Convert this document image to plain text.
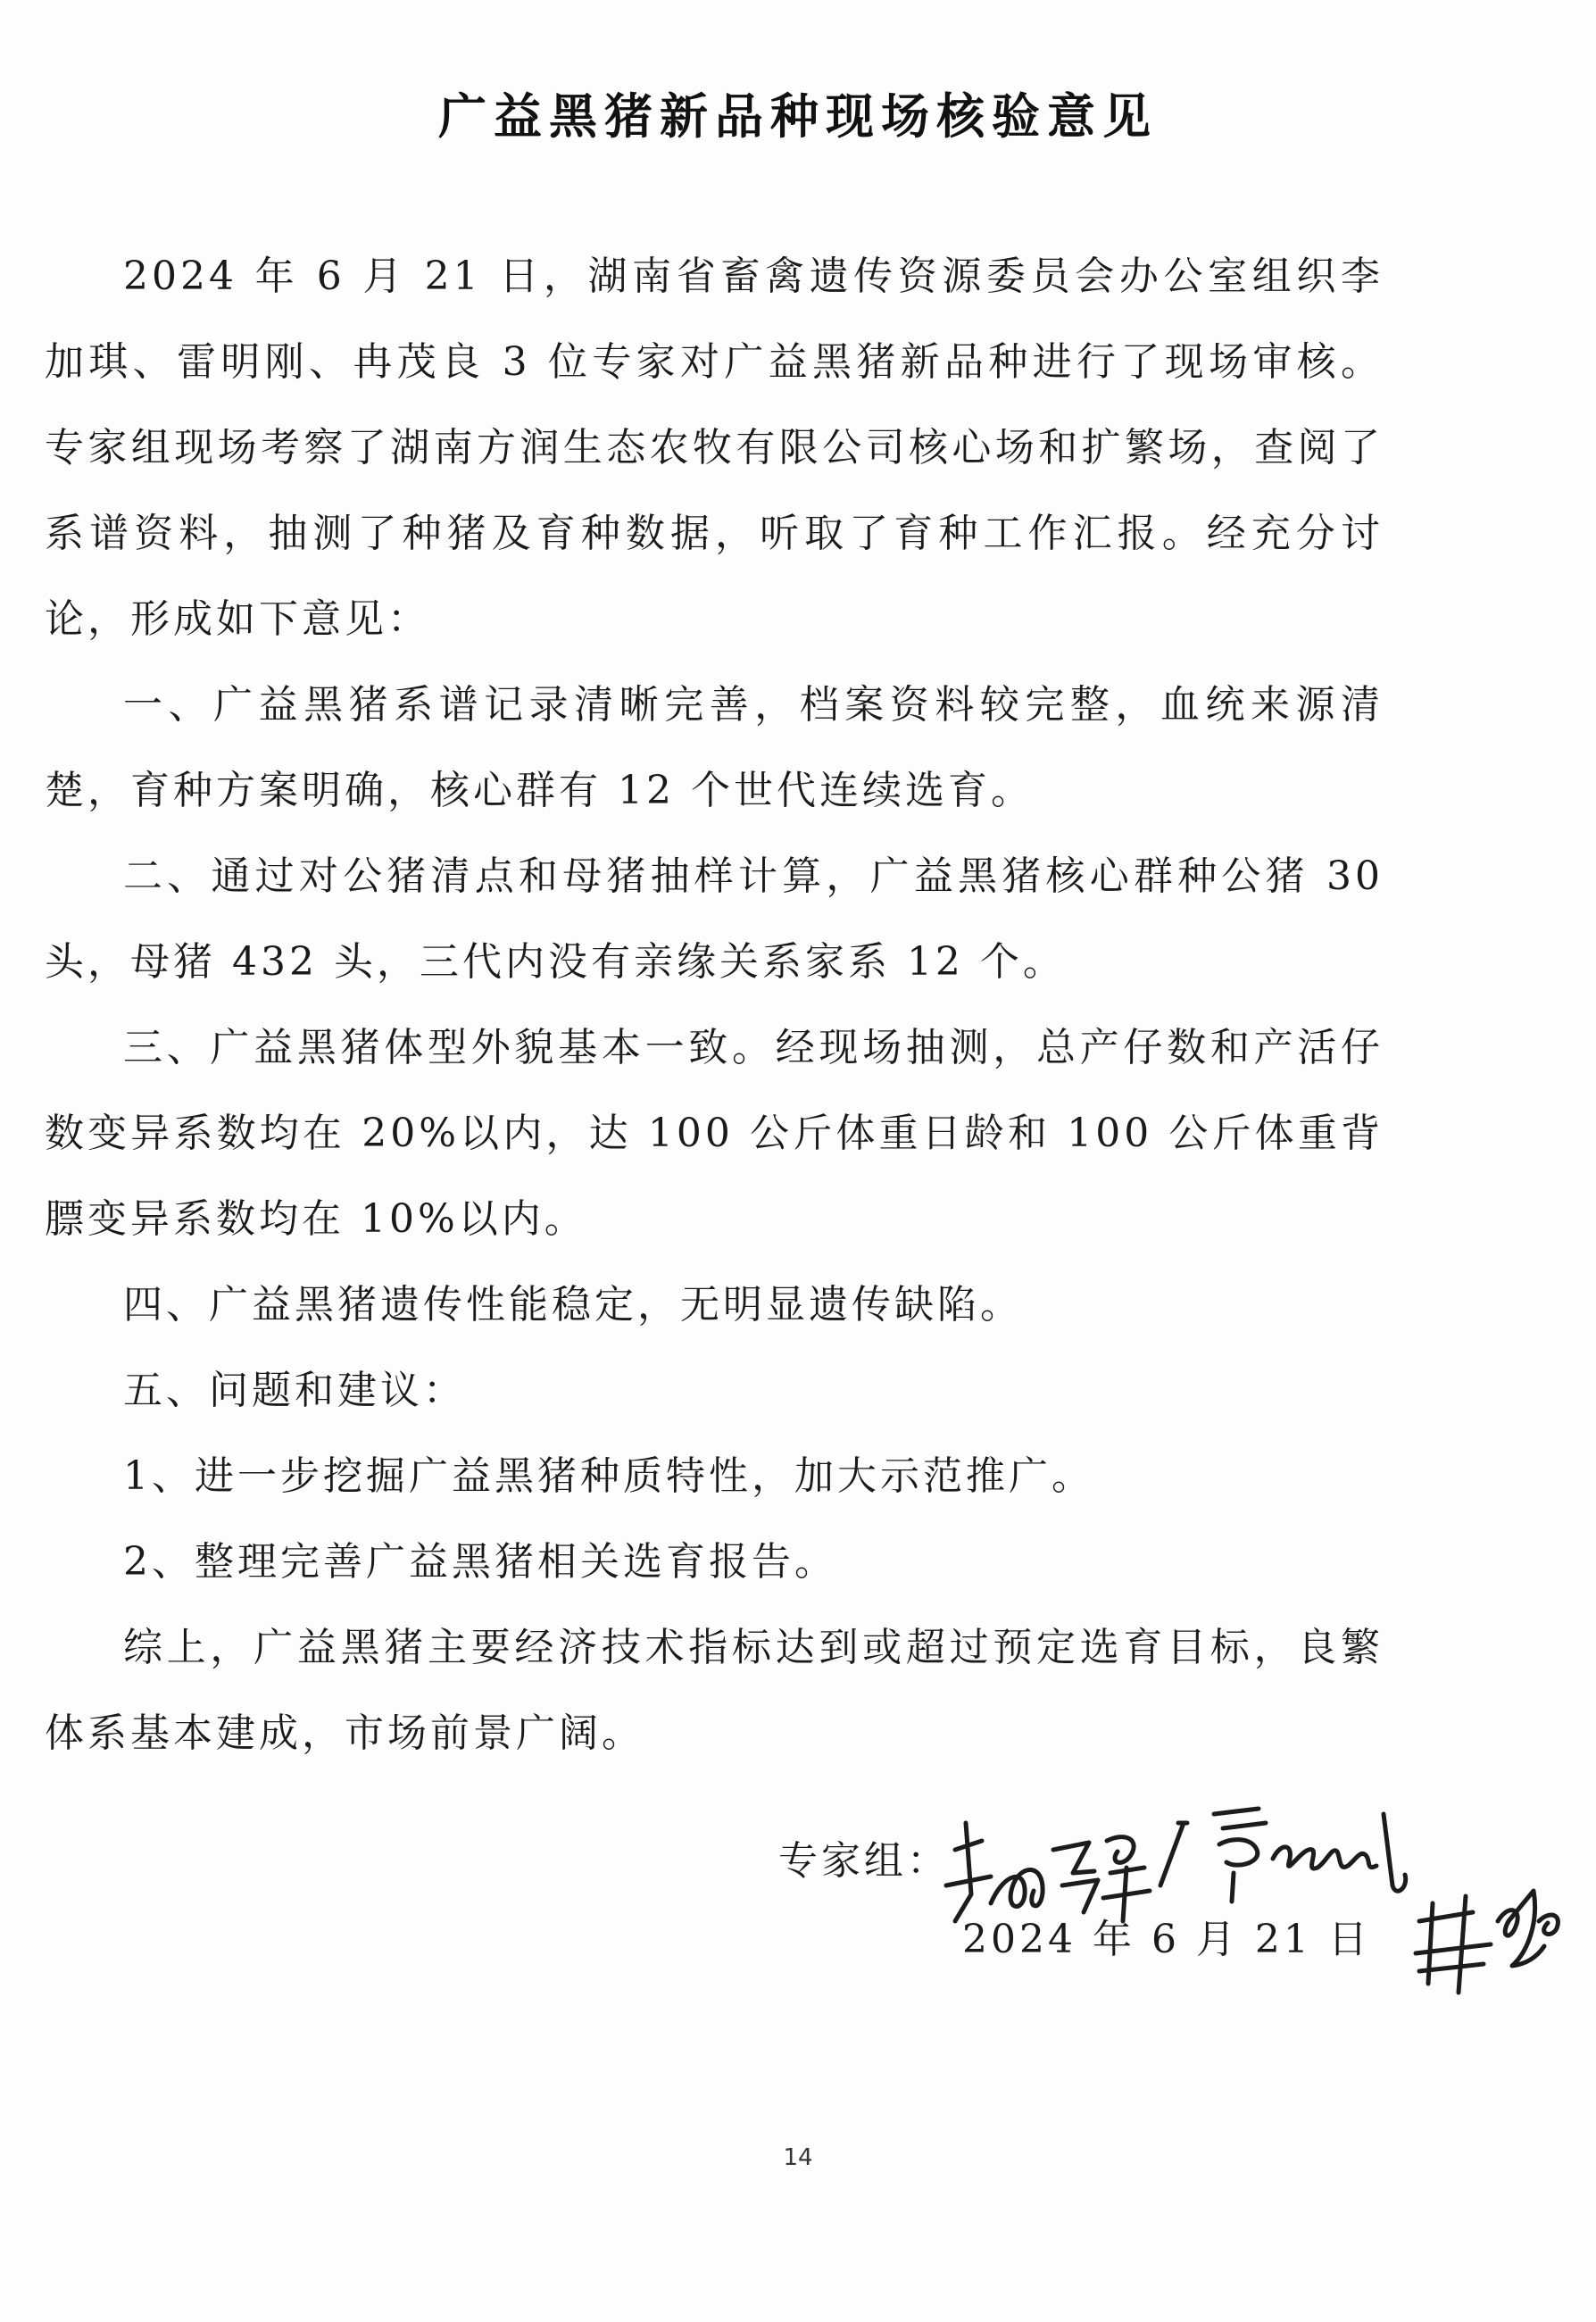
广益黑猪新品种现场核验意见

2024 年 6 月 21 日，湖南省畜禽遗传资源委员会办公室组织李加琪、雷明刚、冉茂良 3 位专家对广益黑猪新品种进行了现场审核。专家组现场考察了湖南方润生态农牧有限公司核心场和扩繁场，查阅了系谱资料，抽测了种猪及育种数据，听取了育种工作汇报。经充分讨论，形成如下意见：

一、广益黑猪系谱记录清晰完善，档案资料较完整，血统来源清楚，育种方案明确，核心群有 12 个世代连续选育。

二、通过对公猪清点和母猪抽样计算，广益黑猪核心群种公猪 30 头，母猪 432 头，三代内没有亲缘关系家系 12 个。

三、广益黑猪体型外貌基本一致。经现场抽测，总产仔数和产活仔数变异系数均在 20%以内，达 100 公斤体重日龄和 100 公斤体重背膘变异系数均在 10%以内。

四、广益黑猪遗传性能稳定，无明显遗传缺陷。

五、问题和建议：

1、进一步挖掘广益黑猪种质特性，加大示范推广。

2、整理完善广益黑猪相关选育报告。

综上，广益黑猪主要经济技术指标达到或超过预定选育目标，良繁体系基本建成，市场前景广阔。

专家组：
2024 年 6 月 21 日
14
